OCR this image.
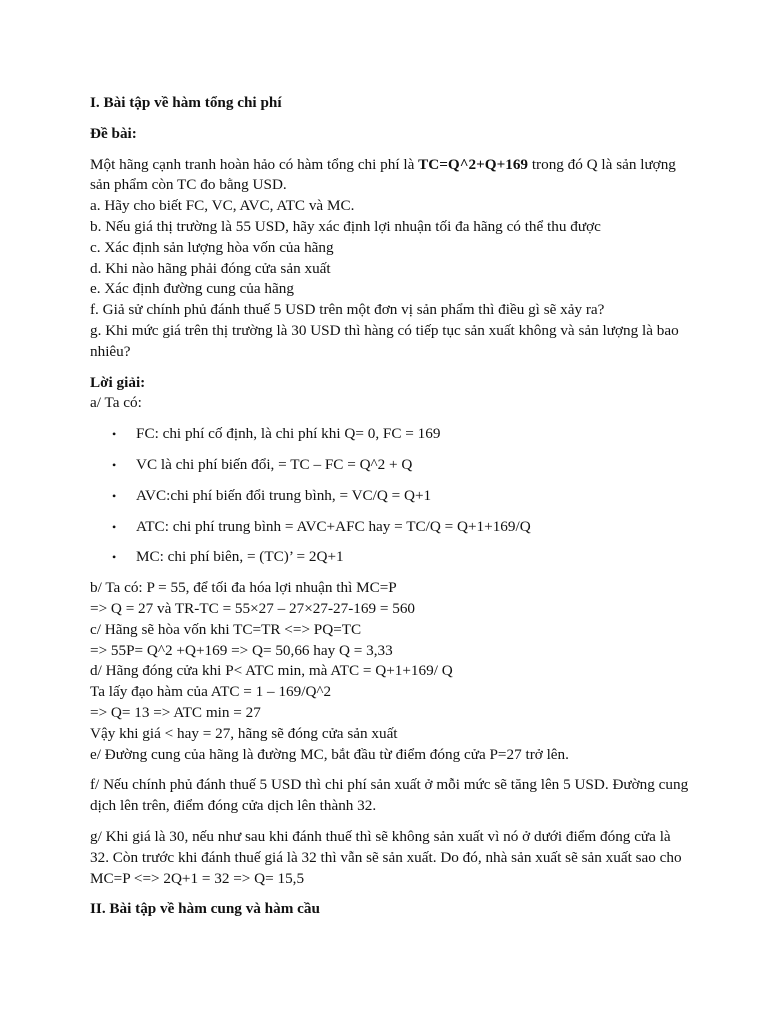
I. Bài tập về hàm tổng chi phí

Đề bài:

Một hãng cạnh tranh hoàn hảo có hàm tổng chi phí là TC=Q^2+Q+169 trong đó Q là sản lượng sản phẩm còn TC đo bằng USD.

a. Hãy cho biết FC, VC, AVC, ATC và MC.

b. Nếu giá thị trường là 55 USD, hãy xác định lợi nhuận tối đa hãng có thể thu được

c. Xác định sản lượng hòa vốn của hãng

d. Khi nào hãng phải đóng cửa sản xuất

e. Xác định đường cung của hãng

f. Giả sử chính phủ đánh thuế 5 USD trên một đơn vị sản phẩm thì điều gì sẽ xảy ra?

g. Khi mức giá trên thị trường là 30 USD thì hàng có tiếp tục sản xuất không và sản lượng là bao nhiêu?

Lời giải:

a/ Ta có:

• FC: chi phí cố định, là chi phí khi Q= 0, FC = 169
• VC là chi phí biến đổi, = TC – FC = Q^2 + Q
• AVC:chi phí biến đổi trung bình, = VC/Q = Q+1
• ATC: chi phí trung bình = AVC+AFC hay = TC/Q = Q+1+169/Q
• MC: chi phí biên, = (TC)’ = 2Q+1

b/ Ta có: P = 55, để tối đa hóa lợi nhuận thì MC=P

=> Q = 27 và TR-TC = 55×27 – 27×27-27-169 = 560

c/ Hãng sẽ hòa vốn khi TC=TR <=> PQ=TC

=> 55P= Q^2 +Q+169 => Q= 50,66 hay Q = 3,33

d/ Hãng đóng cửa khi P< ATC min, mà ATC = Q+1+169/ Q

Ta lấy đạo hàm của ATC = 1 – 169/Q^2

=> Q= 13 => ATC min = 27

Vậy khi giá < hay = 27, hãng sẽ đóng cửa sản xuất

e/ Đường cung của hãng là đường MC, bắt đầu từ điểm đóng cửa P=27 trở lên.

f/ Nếu chính phủ đánh thuế 5 USD thì chi phí sản xuất ở mỗi mức sẽ tăng lên 5 USD. Đường cung dịch lên trên, điểm đóng cửa dịch lên thành 32.

g/ Khi giá là 30, nếu như sau khi đánh thuế thì sẽ không sản xuất vì nó ở dưới điểm đóng cửa là 32. Còn trước khi đánh thuế giá là 32 thì vẫn sẽ sản xuất. Do đó, nhà sản xuất sẽ sản xuất sao cho MC=P <=> 2Q+1 = 32 => Q= 15,5

II. Bài tập về hàm cung và hàm cầu
